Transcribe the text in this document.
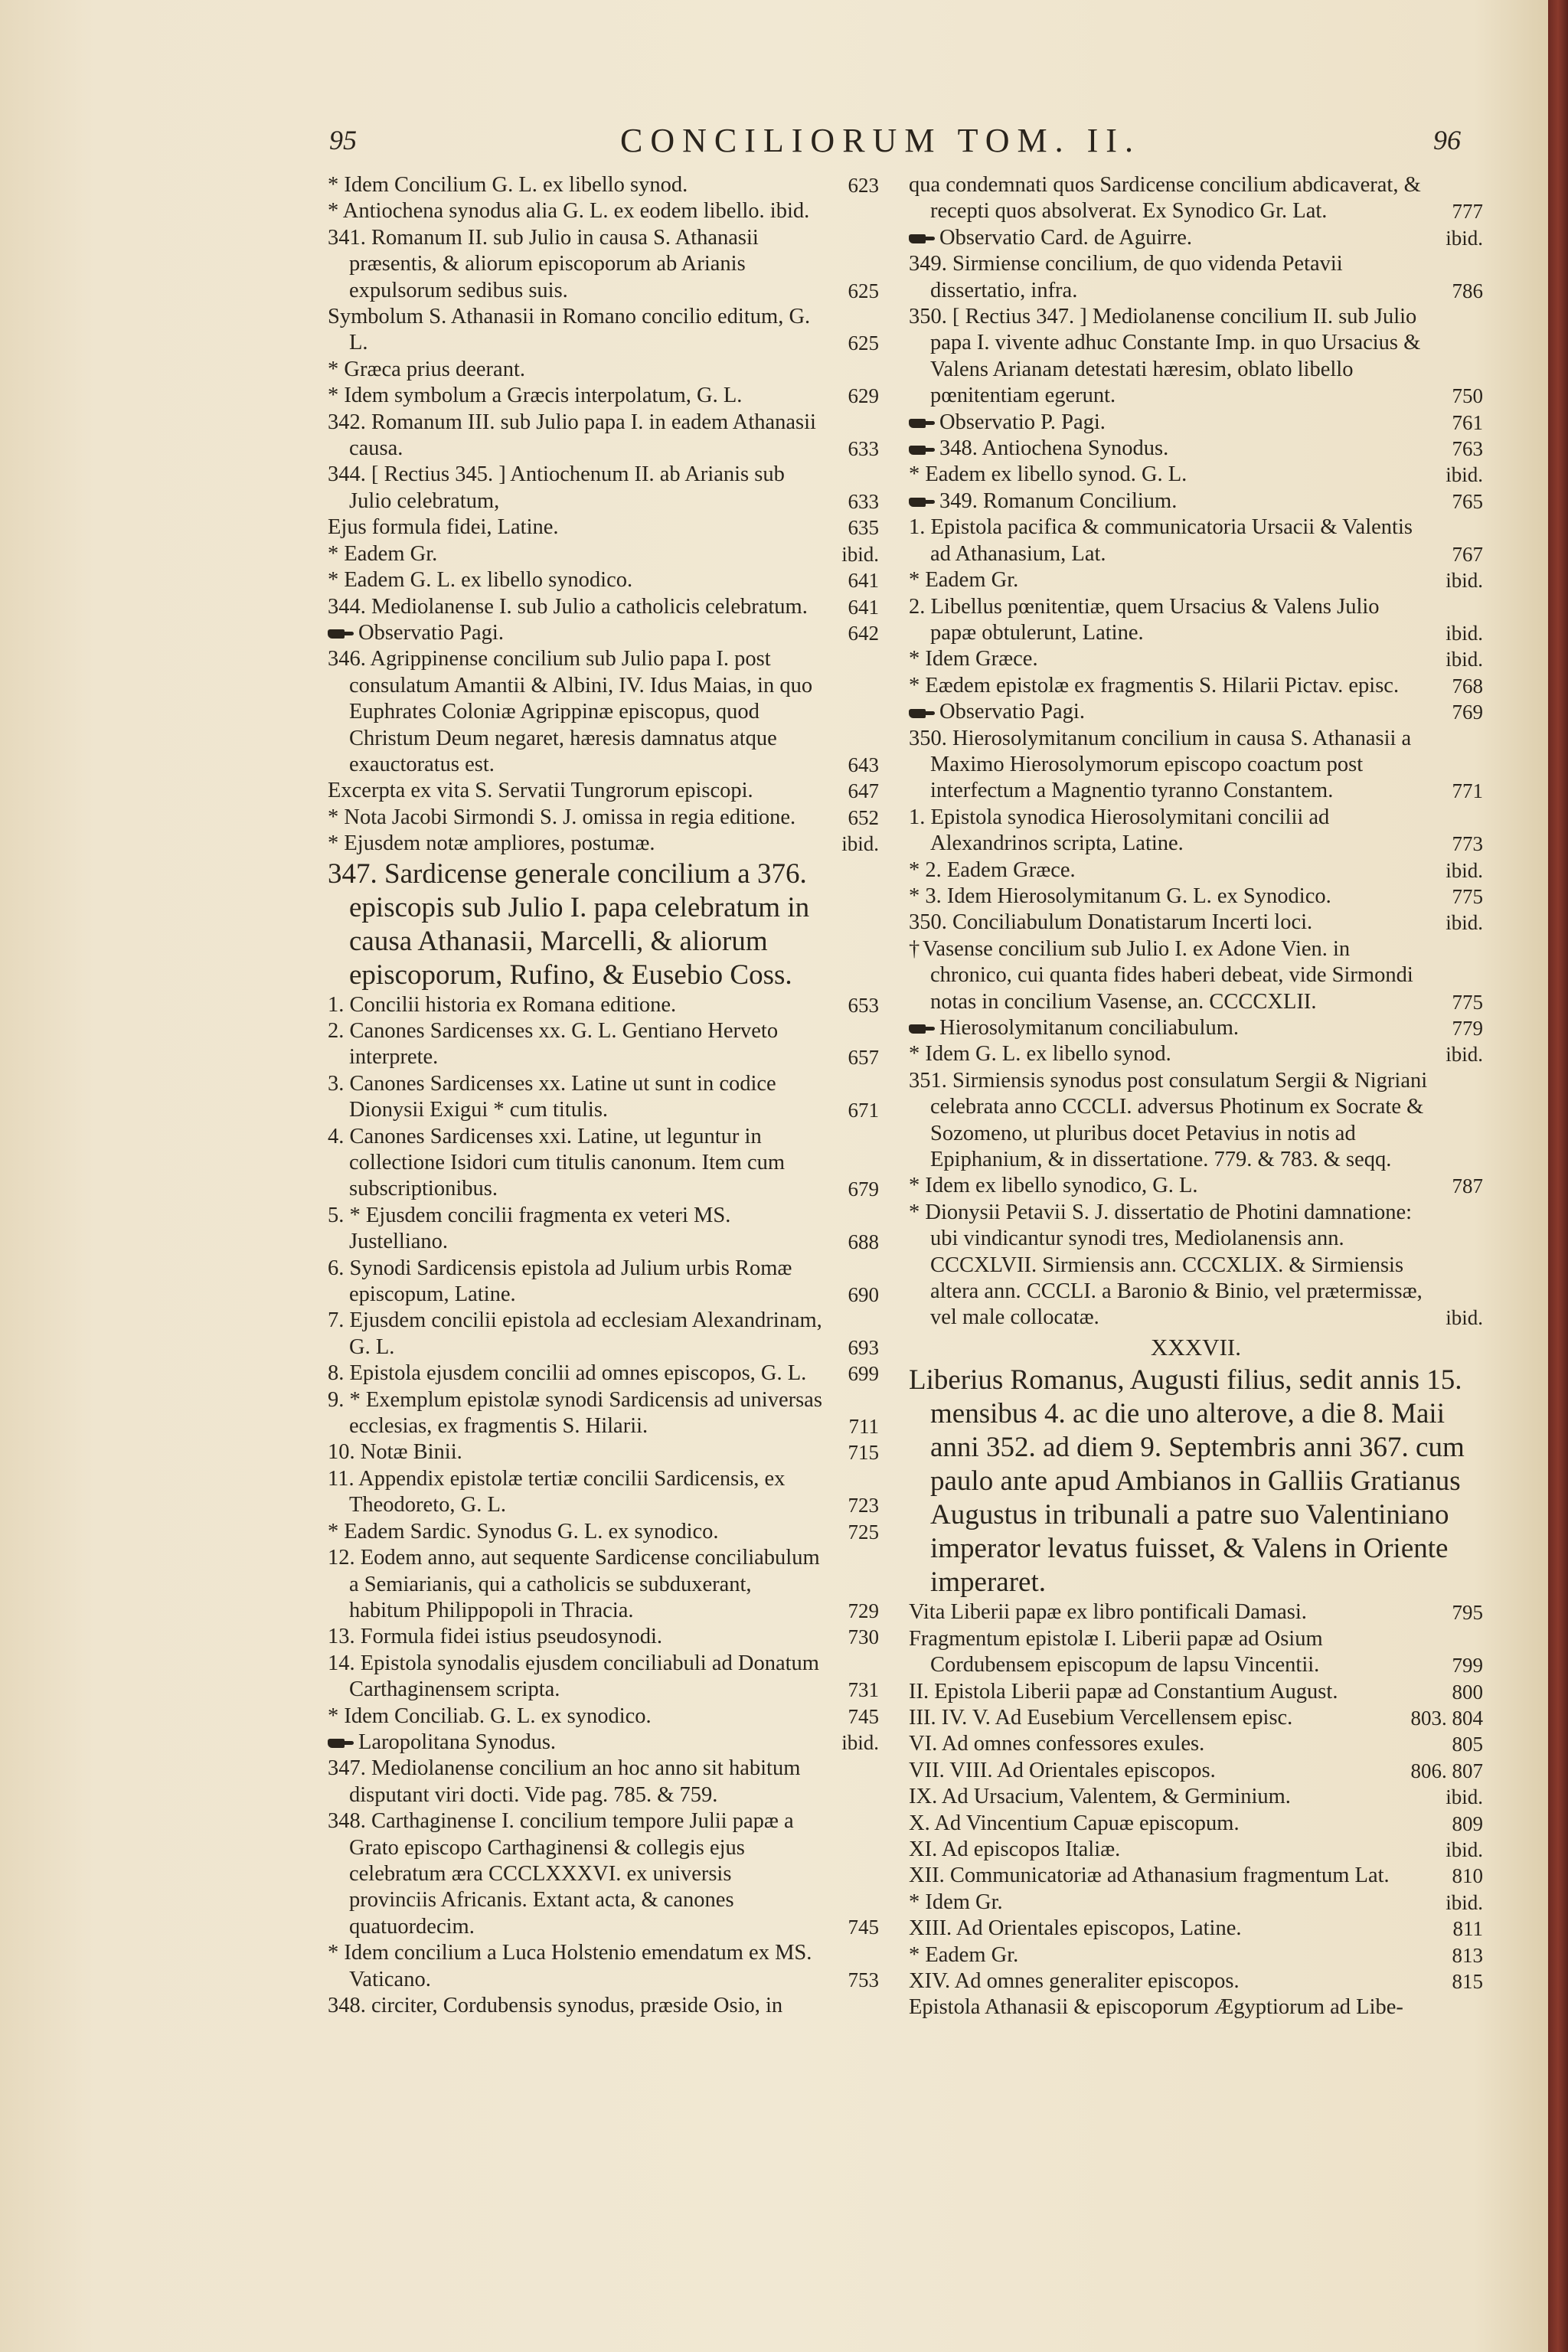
95	CONCILIORUM TOM. II.	96
* Idem Concilium G. L. ex libello synod.	623
* Antiochena synodus alia G. L. ex eodem libello. ibid.
341. Romanum II. sub Julio in causa S. Athanasii præsentis, & aliorum episcoporum ab Arianis expulsorum sedibus suis.	625
Symbolum S. Athanasii in Romano concilio editum, G. L.	625
* Græca prius deerant.
* Idem symbolum a Græcis interpolatum, G. L.	629
342. Romanum III. sub Julio papa I. in eadem Athanasii causa.	633
344. [ Rectius 345. ] Antiochenum II. ab Arianis sub Julio celebratum,	633
Ejus formula fidei, Latine.	635
* Eadem Gr.	ibid.
* Eadem G. L. ex libello synodico.	641
344. Mediolanense I. sub Julio a catholicis celebratum. 641
Observatio Pagi.	642
346. Agrippinense concilium sub Julio papa I. post consulatum Amantii & Albini, IV. Idus Maias, in quo Euphrates Coloniæ Agrippinæ episcopus, quod Christum Deum negaret, hæresis damnatus atque exauctoratus est.	643
Excerpta ex vita S. Servatii Tungrorum episcopi.	647
* Nota Jacobi Sirmondi S. J. omissa in regia editione.	652
* Ejusdem notæ ampliores, postumæ.	ibid.
347. Sardicense generale concilium a 376. episcopis sub Julio I. papa celebratum in causa Athanasii, Marcelli, & aliorum episcoporum, Rufino, & Eusebio Coss.
1. Concilii historia ex Romana editione.	653
2. Canones Sardicenses xx. G. L. Gentiano Herveto interprete.	657
3. Canones Sardicenses xx. Latine ut sunt in codice Dionysii Exigui * cum titulis.	671
4. Canones Sardicenses xxi. Latine, ut leguntur in collectione Isidori cum titulis canonum. Item cum subscriptionibus.	679
5. * Ejusdem concilii fragmenta ex veteri MS. Justelliano.	688
6. Synodi Sardicensis epistola ad Julium urbis Romæ episcopum, Latine.	690
7. Ejusdem concilii epistola ad ecclesiam Alexandrinam, G. L.	693
8. Epistola ejusdem concilii ad omnes episcopos, G. L. 699
9. * Exemplum epistolæ synodi Sardicensis ad universas ecclesias, ex fragmentis S. Hilarii.	711
10. Notæ Binii.	715
11. Appendix epistolæ tertiæ concilii Sardicensis, ex Theodoreto, G. L.	723
* Eadem Sardic. Synodus G. L. ex synodico.	725
12. Eodem anno, aut sequente Sardicense conciliabulum a Semiarianis, qui a catholicis se subduxerant, habitum Philippopoli in Thracia.	729
13. Formula fidei istius pseudosynodi.	730
14. Epistola synodalis ejusdem conciliabuli ad Donatum Carthaginensem scripta.	731
* Idem Conciliab. G. L. ex synodico.	745
Laropolitana Synodus.	ibid.
347. Mediolanense concilium an hoc anno sit habitum disputant viri docti. Vide pag. 785. & 759.
348. Carthaginense I. concilium tempore Julii papæ a Grato episcopo Carthaginensi & collegis ejus celebratum æra CCCLXXXVI. ex universis provinciis Africanis. Extant acta, & canones quatuordecim.	745
* Idem concilium a Luca Holstenio emendatum ex MS. Vaticano.	753
348. circiter, Cordubensis synodus, præside Osio, in
qua condemnati quos Sardicense concilium abdicaverat, & recepti quos absolverat. Ex Synodico Gr. Lat.	777
Observatio Card. de Aguirre.	ibid.
349. Sirmiense concilium, de quo videnda Petavii dissertatio, infra.	786
350. [ Rectius 347. ] Mediolanense concilium II. sub Julio papa I. vivente adhuc Constante Imp. in quo Ursacius & Valens Arianam detestati hæresim, oblato libello pœnitentiam egerunt.	750
Observatio P. Pagi.	761
348. Antiochena Synodus.	763
* Eadem ex libello synod. G. L.	ibid.
349. Romanum Concilium.	765
1. Epistola pacifica & communicatoria Ursacii & Valentis ad Athanasium, Lat.	767
* Eadem Gr.	ibid.
2. Libellus pœnitentiæ, quem Ursacius & Valens Julio papæ obtulerunt, Latine.	ibid.
* Idem Græce.	ibid.
* Eædem epistolæ ex fragmentis S. Hilarii Pictav. episc.	768
Observatio Pagi.	769
350. Hierosolymitanum concilium in causa S. Athanasii a Maximo Hierosolymorum episcopo coactum post interfectum a Magnentio tyranno Constantem.	771
1. Epistola synodica Hierosolymitani concilii ad Alexandrinos scripta, Latine.	773
* 2. Eadem Græce.	ibid.
* 3. Idem Hierosolymitanum G. L. ex Synodico.	775
350. Conciliabulum Donatistarum Incerti loci.	ibid.
† Vasense concilium sub Julio I. ex Adone Vien. in chronico, cui quanta fides haberi debeat, vide Sirmondi notas in concilium Vasense, an. CCCCXLII.	775
Hierosolymitanum conciliabulum.	779
* Idem G. L. ex libello synod.	ibid.
351. Sirmiensis synodus post consulatum Sergii & Nigriani celebrata anno CCCLI. adversus Photinum ex Socrate & Sozomeno, ut pluribus docet Petavius in notis ad Epiphanium, & in dissertatione. 779. & 783. & seqq.
* Idem ex libello synodico, G. L.	787
* Dionysii Petavii S. J. dissertatio de Photini damnatione: ubi vindicantur synodi tres, Mediolanensis ann. CCCXLVII. Sirmiensis ann. CCCXLIX. & Sirmiensis altera ann. CCCLI. a Baronio & Binio, vel prætermissæ, vel male collocatæ.	ibid.
XXXVII.
Liberius Romanus, Augusti filius, sedit annis 15. mensibus 4. ac die uno alterove, a die 8. Maii anni 352. ad diem 9. Septembris anni 367. cum paulo ante apud Ambianos in Galliis Gratianus Augustus in tribunali a patre suo Valentiniano imperator levatus fuisset, & Valens in Oriente imperaret.
Vita Liberii papæ ex libro pontificali Damasi.	795
Fragmentum epistolæ I. Liberii papæ ad Osium Cordubensem episcopum de lapsu Vincentii.	799
II. Epistola Liberii papæ ad Constantium August.	800
III. IV. V. Ad Eusebium Vercellensem episc.	803. 804
VI. Ad omnes confessores exules.	805
VII. VIII. Ad Orientales episcopos.	806. 807
IX. Ad Ursacium, Valentem, & Germinium.	ibid.
X. Ad Vincentium Capuæ episcopum.	809
XI. Ad episcopos Italiæ.	ibid.
XII. Communicatoriæ ad Athanasium fragmentum Lat.	810
* Idem Gr.	ibid.
XIII. Ad Orientales episcopos, Latine.	811
* Eadem Gr.	813
XIV. Ad omnes generaliter episcopos.	815
Epistola Athanasii & episcoporum Ægyptiorum ad Libe-
